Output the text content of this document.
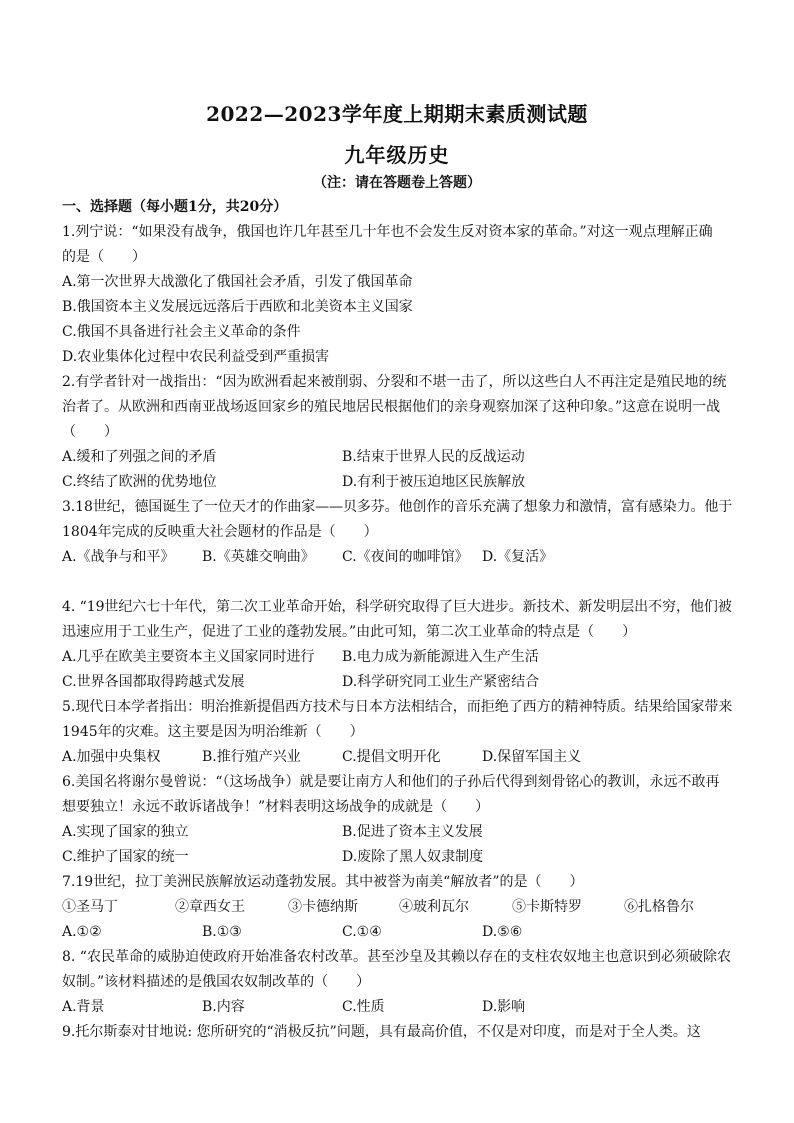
2022—2023学年度上期期末素质测试题
九年级历史
（注：请在答题卷上答题）
一、选择题（每小题1分，共20分）
1.列宁说：“如果没有战争，俄国也许几年甚至几十年也不会发生反对资本家的革命。”对这一观点理解正确
的是（　　）
A.第一次世界大战激化了俄国社会矛盾，引发了俄国革命
B.俄国资本主义发展远远落后于西欧和北美资本主义国家
C.俄国不具备进行社会主义革命的条件
D.农业集体化过程中农民利益受到严重损害
2.有学者针对一战指出：“因为欧洲看起来被削弱、分裂和不堪一击了，所以这些白人不再注定是殖民地的统
治者了。从欧洲和西南亚战场返回家乡的殖民地居民根据他们的亲身观察加深了这种印象。”这意在说明一战
（　　）
A.缓和了列强之间的矛盾	B.结束于世界人民的反战运动
C.终结了欧洲的优势地位	D.有利于被压迫地区民族解放
3.18世纪，德国诞生了一位天才的作曲家——贝多芬。他创作的音乐充满了想象力和激情，富有感染力。他于
1804年完成的反映重大社会题材的作品是（　　）
A.《战争与和平》 B.《英雄交响曲》 C.《夜间的咖啡馆》 D.《复活》
4. “19世纪六七十年代，第二次工业革命开始，科学研究取得了巨大进步。新技术、新发明层出不穷，他们被
迅速应用于工业生产，促进了工业的蓬勃发展。”由此可知，第二次工业革命的特点是（　　）
A.几乎在欧美主要资本主义国家同时进行 B.电力成为新能源进入生产生活
C.世界各国都取得跨越式发展	D.科学研究同工业生产紧密结合
5.现代日本学者指出：明治推新提倡西方技术与日本方法相结合，而拒绝了西方的精神特质。结果给国家带来
1945年的灾难。这主要是因为明治维新（　　）
A.加强中央集权	B.推行殖产兴业	C.提倡文明开化	D.保留军国主义
6.美国名将谢尔曼曾说：“（这场战争）就是要让南方人和他们的子孙后代得到刻骨铭心的教训，永远不敢再
想要独立！永远不敢诉诸战争！”材料表明这场战争的成就是（　　）
A.实现了国家的独立	B.促进了资本主义发展
C.维护了国家的统一	D.废除了黑人奴隶制度
7.19世纪，拉丁美洲民族解放运动蓬勃发展。其中被誉为南美“解放者”的是（　　）
①圣马丁	②章西女王	③卡德纳斯	④玻利瓦尔	⑤卡斯特罗	⑥扎格鲁尔
A.①②	B.①③	C.①④	D.⑤⑥
8. “农民革命的威胁迫使政府开始准备农村改革。甚至沙皇及其赖以存在的支柱农奴地主也意识到必须破除农
奴制。”该材料描述的是俄国农奴制改革的（　　）
A.背景	B.内容	C.性质	D.影响
9.托尔斯泰对甘地说: 您所研究的“消极反抗”问题，具有最高价值，不仅是对印度，而是对于全人类。这
